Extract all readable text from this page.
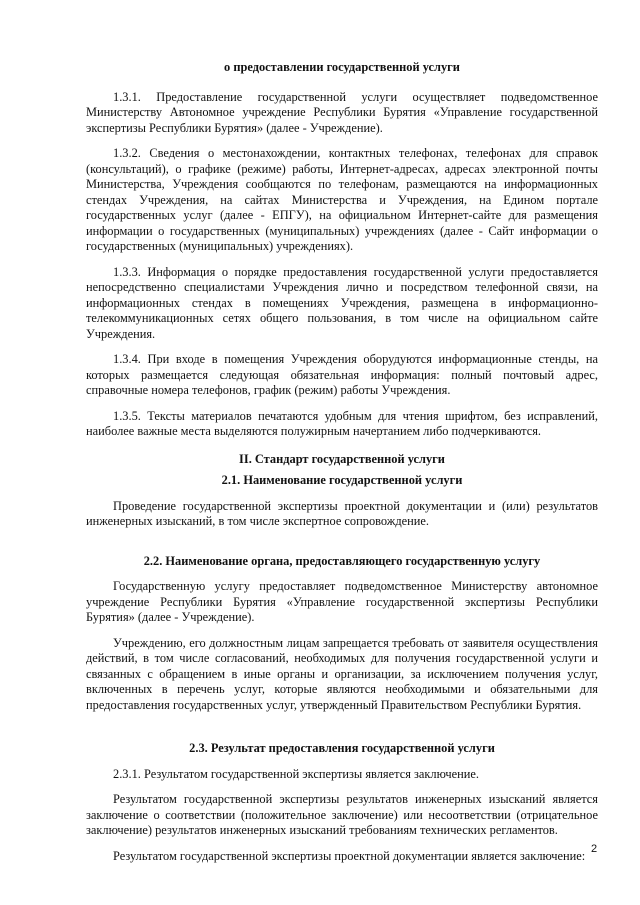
о предоставлении государственной услуги

1.3.1. Предоставление государственной услуги осуществляет подведомственное Министерству Автономное учреждение Республики Бурятия «Управление государственной экспертизы Республики Бурятия» (далее - Учреждение).

1.3.2. Сведения о местонахождении, контактных телефонах, телефонах для справок (консультаций), о графике (режиме) работы, Интернет-адресах, адресах электронной почты Министерства, Учреждения сообщаются по телефонам, размещаются на информационных стендах Учреждения, на сайтах Министерства и Учреждения, на Едином портале государственных услуг (далее - ЕПГУ), на официальном Интернет-сайте для размещения информации о государственных (муниципальных) учреждениях (далее - Сайт информации о государственных (муниципальных) учреждениях).

1.3.3. Информация о порядке предоставления государственной услуги предоставляется непосредственно специалистами Учреждения лично и посредством телефонной связи, на информационных стендах в помещениях Учреждения, размещена в информационно-телекоммуникационных сетях общего пользования, в том числе на официальном сайте Учреждения.

1.3.4. При входе в помещения Учреждения оборудуются информационные стенды, на которых размещается следующая обязательная информация: полный почтовый адрес, справочные номера телефонов, график (режим) работы Учреждения.

1.3.5. Тексты материалов печатаются удобным для чтения шрифтом, без исправлений, наиболее важные места выделяются полужирным начертанием либо подчеркиваются.

II. Стандарт государственной услуги

2.1. Наименование государственной услуги

Проведение государственной экспертизы проектной документации и (или) результатов инженерных изысканий, в том числе экспертное сопровождение.

2.2. Наименование органа, предоставляющего государственную услугу

Государственную услугу предоставляет подведомственное Министерству автономное учреждение Республики Бурятия «Управление государственной экспертизы Республики Бурятия» (далее - Учреждение).

Учреждению, его должностным лицам запрещается требовать от заявителя осуществления действий, в том числе согласований, необходимых для получения государственной услуги и связанных с обращением в иные органы и организации, за исключением получения услуг, включенных в перечень услуг, которые являются необходимыми и обязательными для предоставления государственных услуг, утвержденный Правительством Республики Бурятия.

2.3. Результат предоставления государственной услуги

2.3.1. Результатом государственной экспертизы является заключение.

Результатом государственной экспертизы результатов инженерных изысканий является заключение о соответствии (положительное заключение) или несоответствии (отрицательное заключение) результатов инженерных изысканий требованиям технических регламентов.

Результатом государственной экспертизы проектной документации является заключение: 2
